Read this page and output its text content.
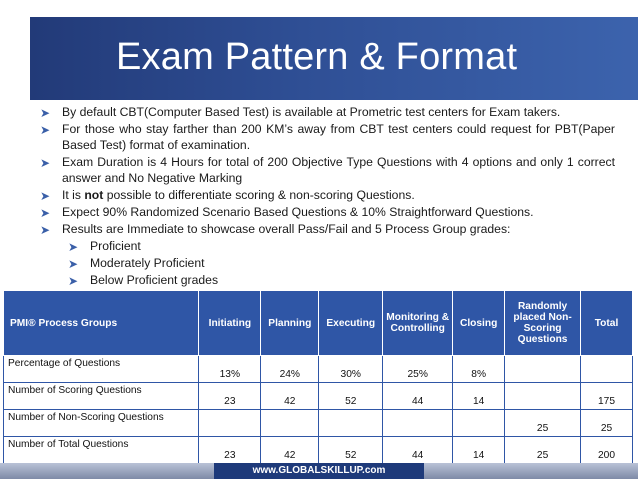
Exam Pattern & Format
➤ By default CBT(Computer Based Test) is available at Prometric test centers for Exam takers.
➤ For those who stay farther than 200 KM’s away from CBT test centers could request for PBT(Paper Based Test) format of examination.
➤ Exam Duration is 4 Hours for total of 200 Objective Type Questions with 4 options and only 1 correct answer and No Negative Marking
➤ It is not possible to differentiate scoring & non-scoring Questions.
➤ Expect 90% Randomized Scenario Based Questions & 10% Straightforward Questions.
➤ Results are Immediate to showcase overall Pass/Fail and 5 Process Group grades:
➤ Proficient
➤ Moderately Proficient
➤ Below Proficient grades
PMI® Process Groups	Initiating	Planning	Executing	Monitoring & Controlling	Closing	Randomly placed Non-Scoring Questions	Total
Percentage of Questions	13%	24%	30%	25%	8%		
Number of Scoring Questions	23	42	52	44	14		175
Number of Non-Scoring Questions						25	25
Number of Total Questions	23	42	52	44	14	25	200
www.GLOBALSKILLUP.com
